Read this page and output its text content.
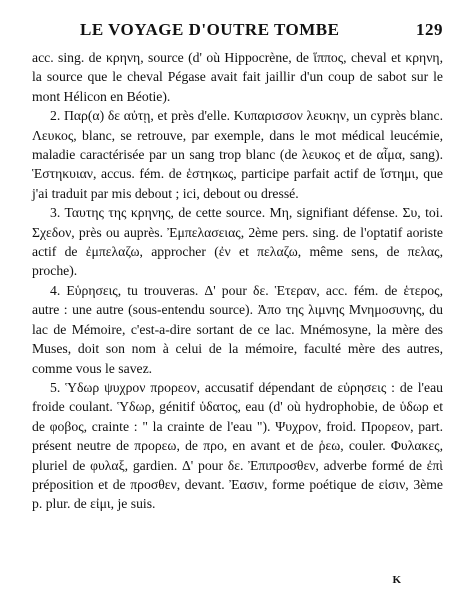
LE VOYAGE D'OUTRE TOMBE	129

acc. sing. de κρηνη, source (d' où Hippocrène, de ἵππος, cheval et κρηνη, la source que le cheval Pégase avait fait jaillir d'un coup de sabot sur le mont Hélicon en Béotie).

2. Παρ(α) δε αὐτῃ, et près d'elle. Κυπαρισσον λευκην, un cyprès blanc. Λευκος, blanc, se retrouve, par exemple, dans le mot médical leucémie, maladie caractérisée par un sang trop blanc (de λευκος et de αἷμα, sang). Ἑστηκυιαν, accus. fém. de ἑστηκως, participe parfait actif de ἵστημι, que j'ai traduit par mis debout ; ici, debout ou dressé.

3. Ταυτης της κρηνης, de cette source. Μη, signifiant défense. Συ, toi. Σχεδον, près ou auprès. Ἐμπελασειας, 2ème pers. sing. de l'optatif aoriste actif de ἐμπελαζω, approcher (ἐν et πελαζω, même sens, de πελας, proche).

4. Εὑρησεις, tu trouveras. Δ' pour δε. Ἑτεραν, acc. fém. de ἑτερος, autre : une autre (sous-entendu source). Ἀπο της λιμνης Μνημοσυνης, du lac de Mémoire, c'est-a-dire sortant de ce lac. Mnémosyne, la mère des Muses, doit son nom à celui de la mémoire, faculté mère des autres, comme vous le savez.

5. Ὑδωρ ψυχρον προρεον, accusatif dépendant de εὑρησεις : de l'eau froide coulant. Ὑδωρ, génitif ὑδατος, eau (d' où hydrophobie, de ὑδωρ et de φοβος, crainte : " la crainte de l'eau "). Ψυχρον, froid. Προρεον, part. présent neutre de προρεω, de προ, en avant et de ῥεω, couler. Φυλακες, pluriel de φυλαξ, gardien. Δ' pour δε. Ἐπιπροσθεν, adverbe formé de ἐπὶ préposition et de προσθεν, devant. Ἐασιν, forme poétique de εἰσιν, 3ème p. plur. de εἰμι, je suis.

K
